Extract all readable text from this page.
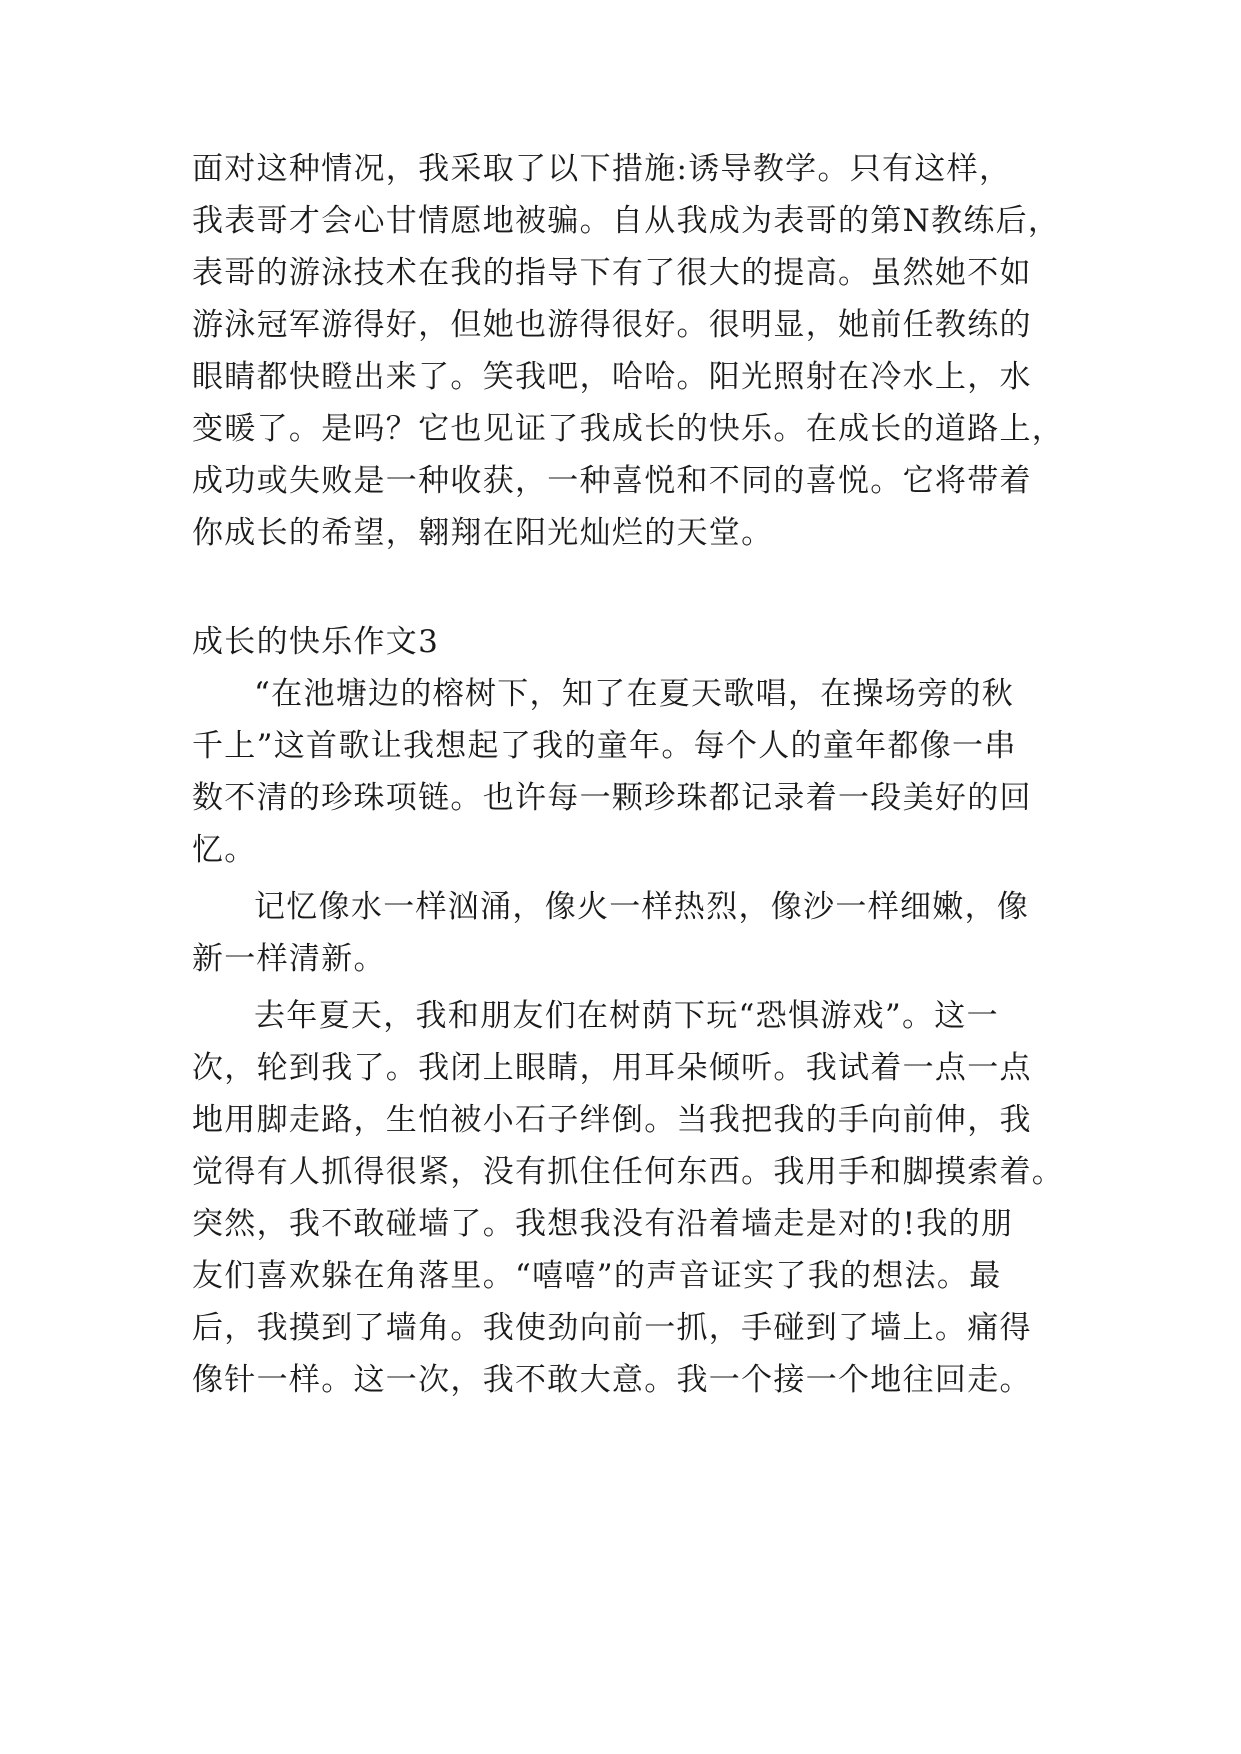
面对这种情况，我采取了以下措施:诱导教学。只有这样，
我表哥才会心甘情愿地被骗。自从我成为表哥的第N教练后，
表哥的游泳技术在我的指导下有了很大的提高。虽然她不如
游泳冠军游得好，但她也游得很好。很明显，她前任教练的
眼睛都快瞪出来了。笑我吧，哈哈。阳光照射在冷水上，水
变暖了。是吗？它也见证了我成长的快乐。在成长的道路上，
成功或失败是一种收获，一种喜悦和不同的喜悦。它将带着
你成长的希望，翱翔在阳光灿烂的天堂。
成长的快乐作文3
“在池塘边的榕树下，知了在夏天歌唱，在操场旁的秋
千上”这首歌让我想起了我的童年。每个人的童年都像一串
数不清的珍珠项链。也许每一颗珍珠都记录着一段美好的回
忆。
记忆像水一样汹涌，像火一样热烈，像沙一样细嫩，像
新一样清新。
去年夏天，我和朋友们在树荫下玩“恐惧游戏”。这一
次，轮到我了。我闭上眼睛，用耳朵倾听。我试着一点一点
地用脚走路，生怕被小石子绊倒。当我把我的手向前伸，我
觉得有人抓得很紧，没有抓住任何东西。我用手和脚摸索着。
突然，我不敢碰墙了。我想我没有沿着墙走是对的!我的朋
友们喜欢躲在角落里。“嘻嘻”的声音证实了我的想法。最
后，我摸到了墙角。我使劲向前一抓，手碰到了墙上。痛得
像针一样。这一次，我不敢大意。我一个接一个地往回走。
